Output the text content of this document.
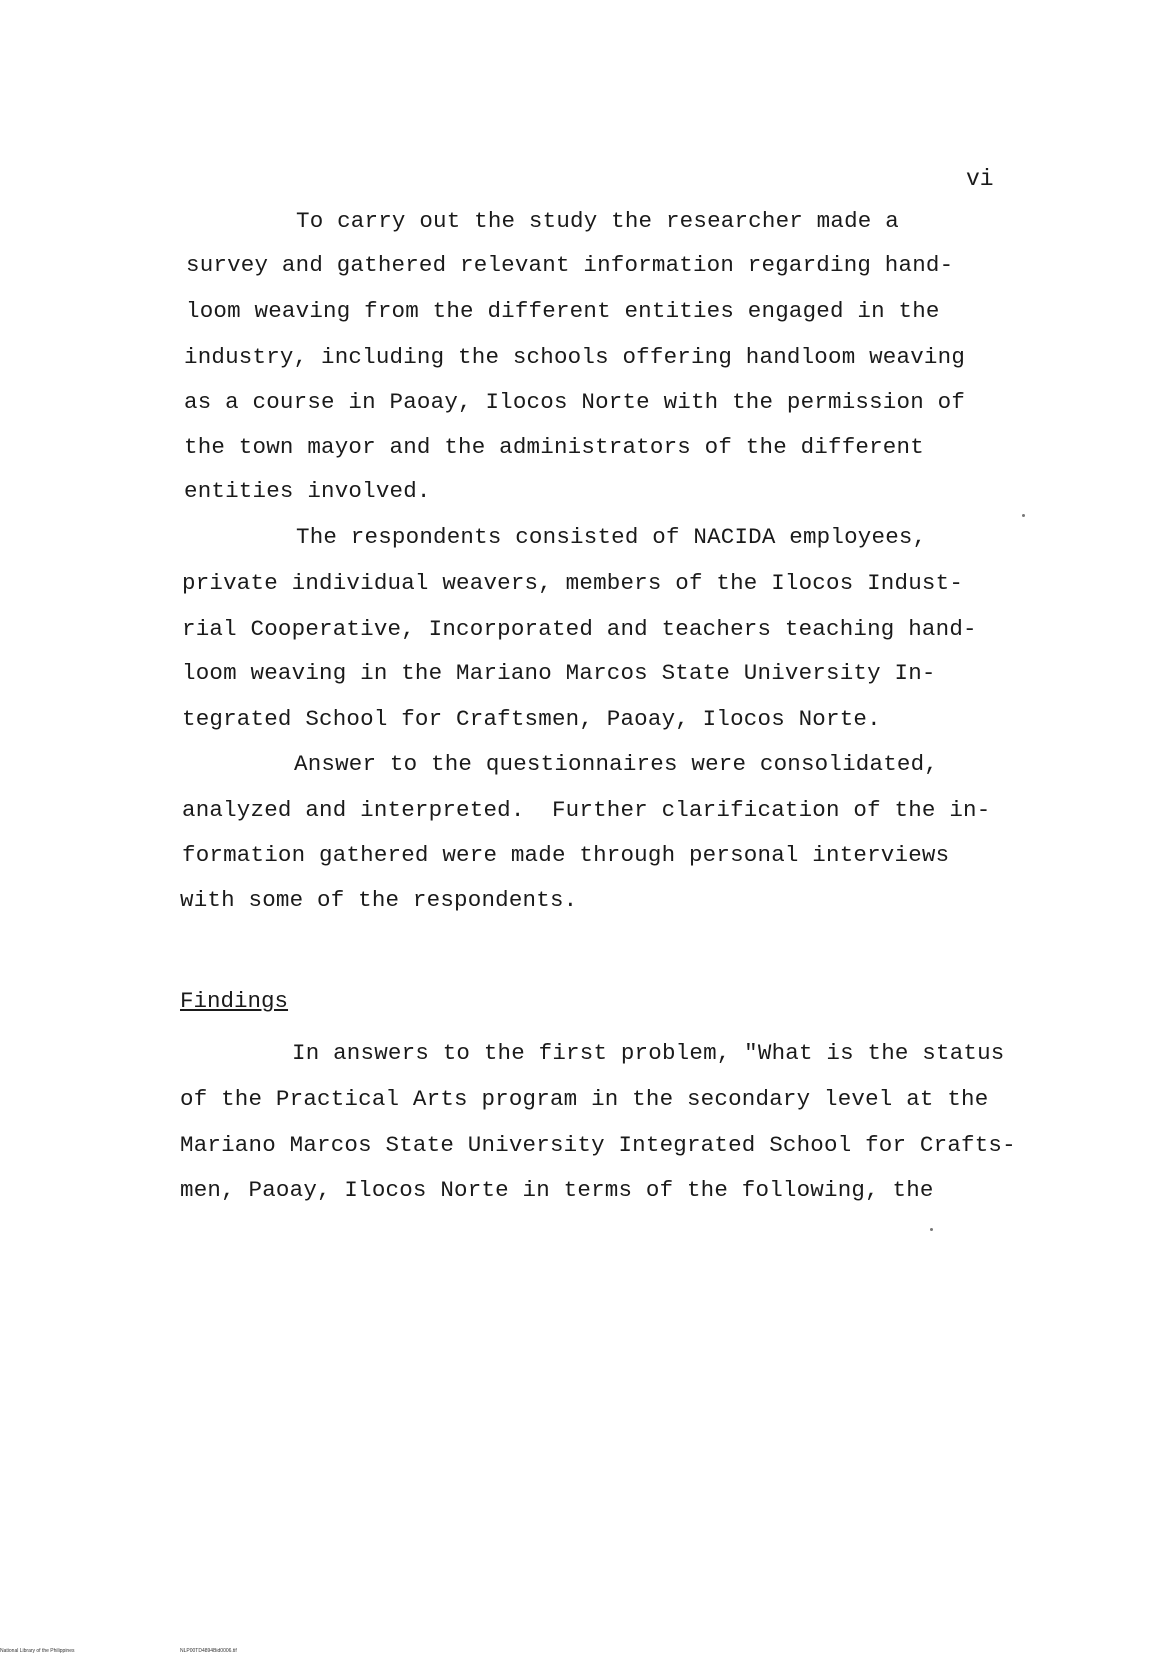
vi
To carry out the study the researcher made a
survey and gathered relevant information regarding hand-
loom weaving from the different entities engaged in the
industry, including the schools offering handloom weaving
as a course in Paoay, Ilocos Norte with the permission of
the town mayor and the administrators of the different
entities involved.
The respondents consisted of NACIDA employees,
private individual weavers, members of the Ilocos Indust-
rial Cooperative, Incorporated and teachers teaching hand-
loom weaving in the Mariano Marcos State University In-
tegrated School for Craftsmen, Paoay, Ilocos Norte.
Answer to the questionnaires were consolidated,
analyzed and interpreted.  Further clarification of the in-
formation gathered were made through personal interviews
with some of the respondents.
Findings
In answers to the first problem, "What is the status
of the Practical Arts program in the secondary level at the
Mariano Marcos State University Integrated School for Crafts-
men, Paoay, Ilocos Norte in terms of the following, the
National Library of the Philippines	NLP00TD4894Bid0006.tif
